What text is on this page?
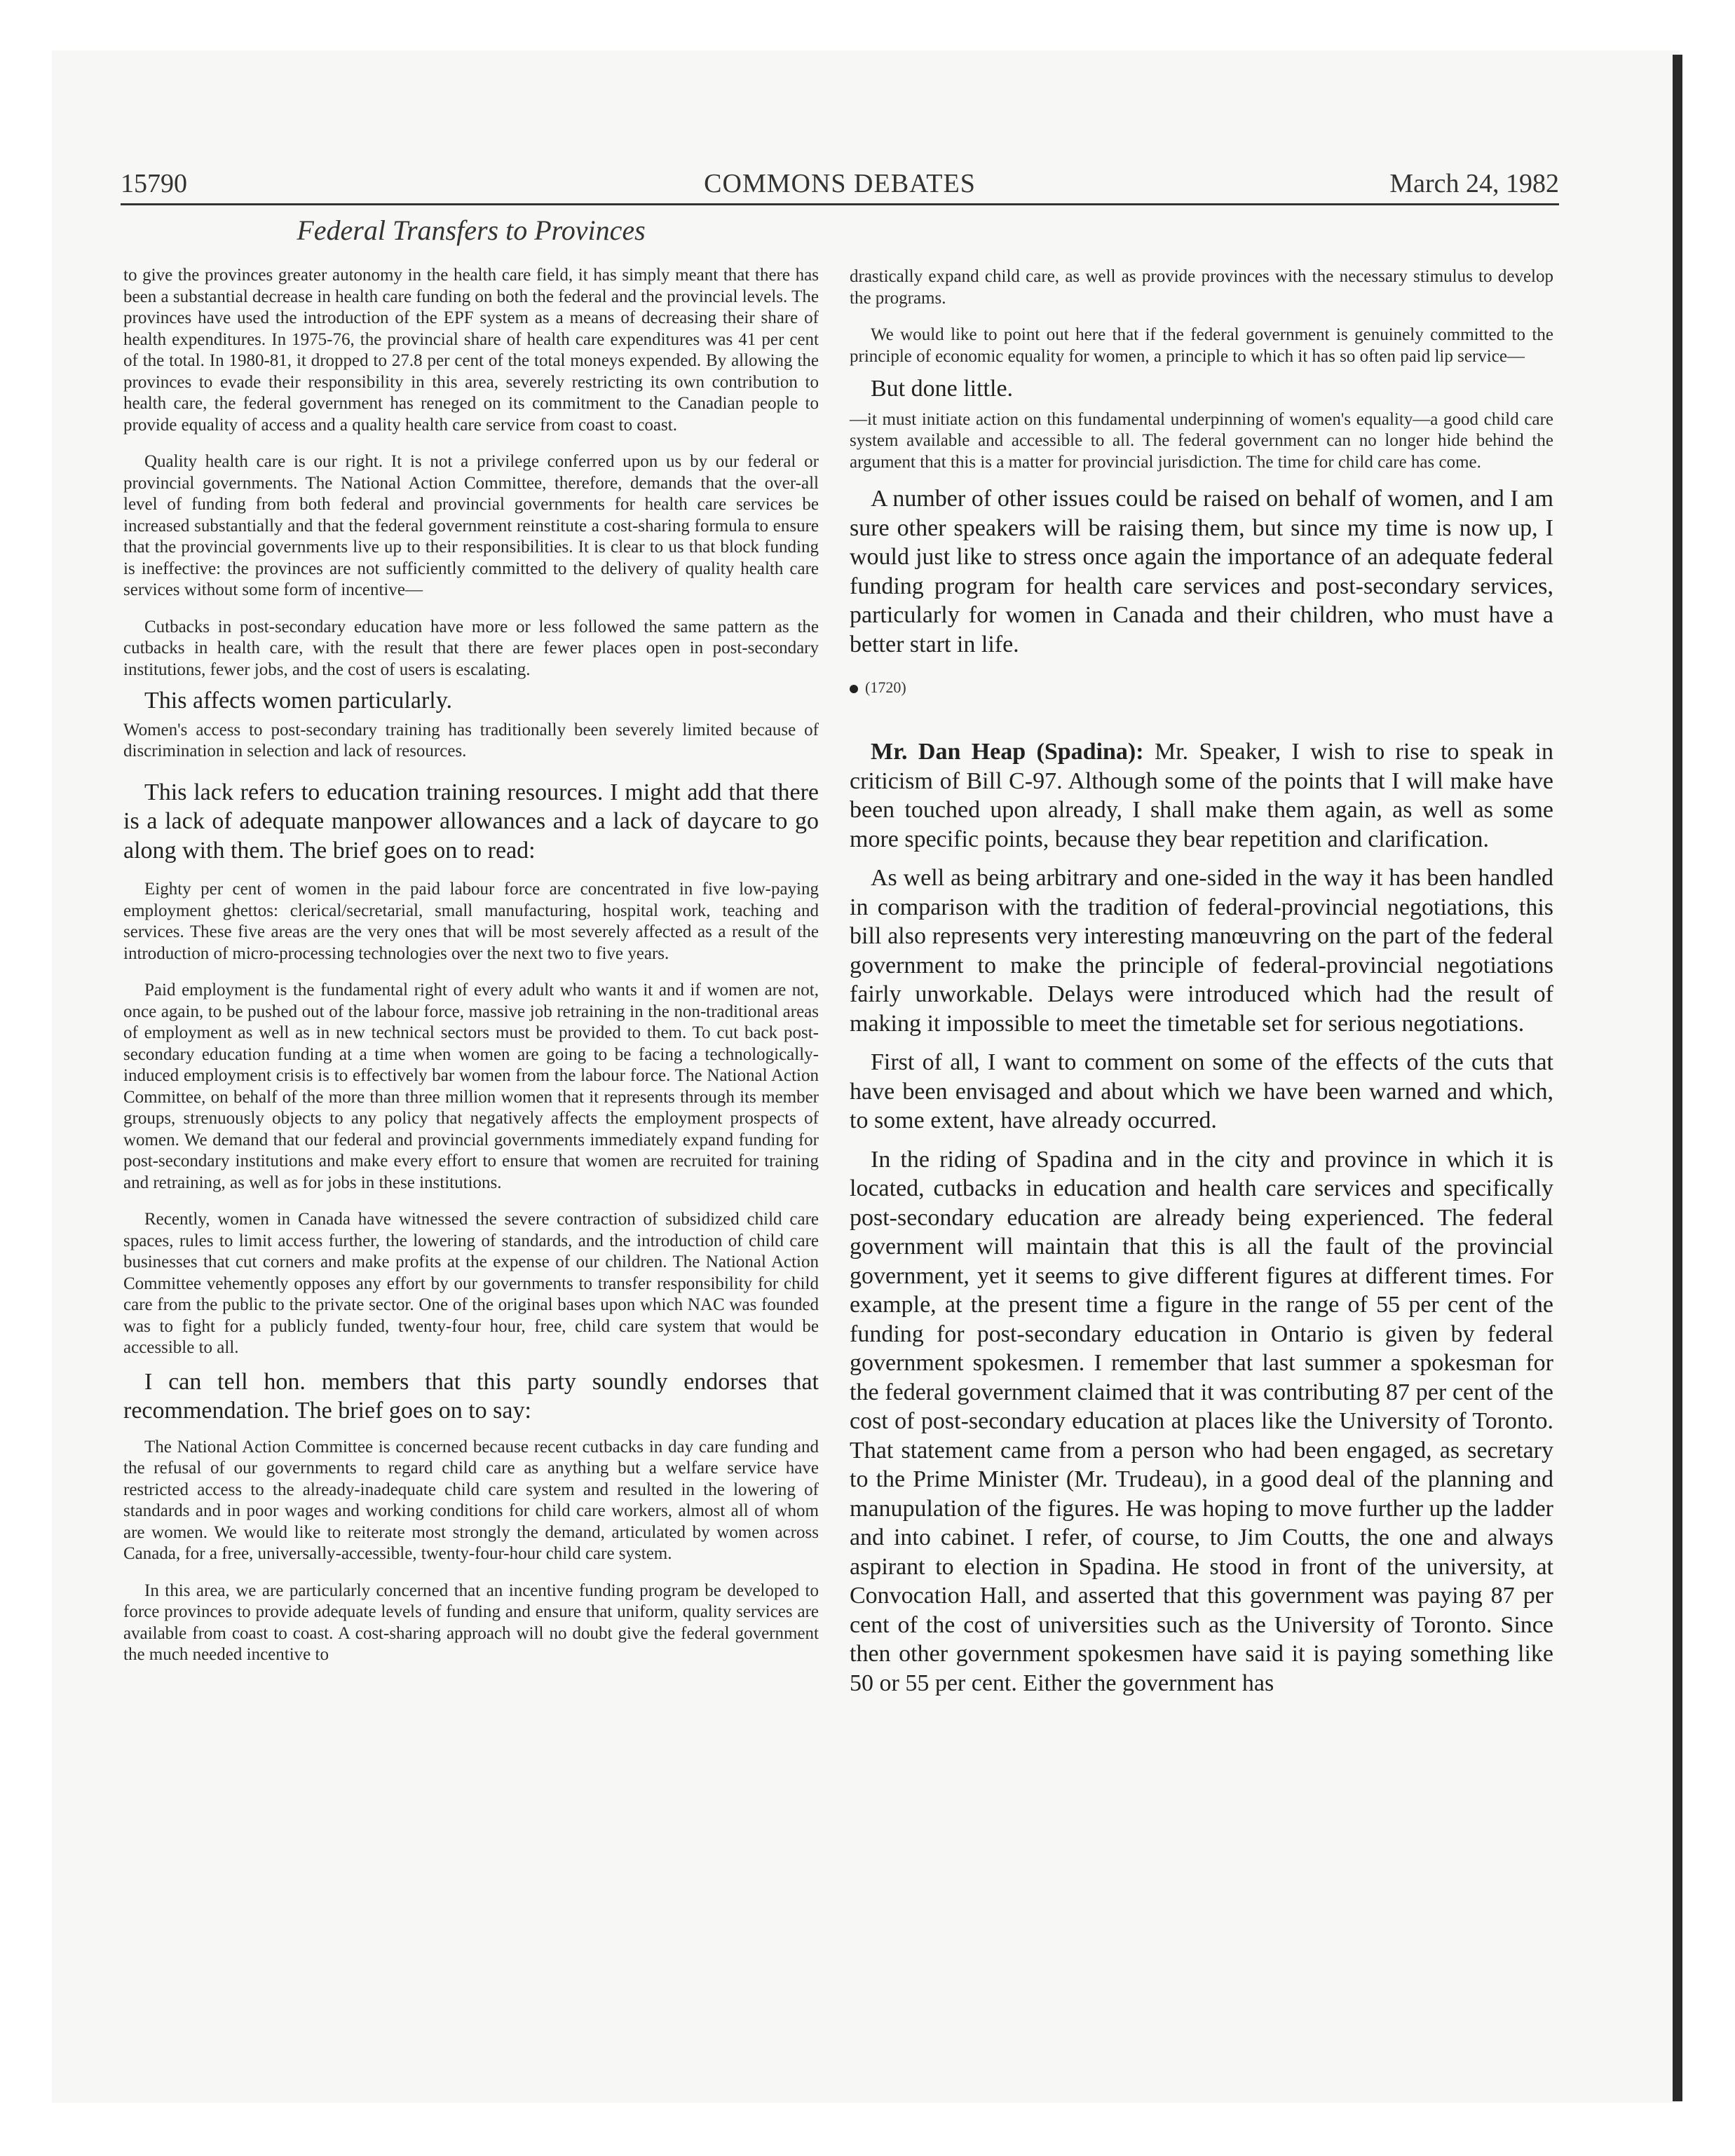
15790	COMMONS DEBATES	March 24, 1982
Federal Transfers to Provinces

to give the provinces greater autonomy in the health care field, it has simply meant that there has been a substantial decrease in health care funding on both the federal and the provincial levels. The provinces have used the introduction of the EPF system as a means of decreasing their share of health expenditures. In 1975-76, the provincial share of health care expenditures was 41 per cent of the total. In 1980-81, it dropped to 27.8 per cent of the total moneys expended. By allowing the provinces to evade their responsibility in this area, severely restricting its own contribution to health care, the federal government has reneged on its commitment to the Canadian people to provide equality of access and a quality health care service from coast to coast.

Quality health care is our right. It is not a privilege conferred upon us by our federal or provincial governments. The National Action Committee, therefore, demands that the over-all level of funding from both federal and provincial governments for health care services be increased substantially and that the federal government reinstitute a cost-sharing formula to ensure that the provincial governments live up to their responsibilities. It is clear to us that block funding is ineffective: the provinces are not sufficiently committed to the delivery of quality health care services without some form of incentive—

Cutbacks in post-secondary education have more or less followed the same pattern as the cutbacks in health care, with the result that there are fewer places open in post-secondary institutions, fewer jobs, and the cost of users is escalating.

This affects women particularly.

Women's access to post-secondary training has traditionally been severely limited because of discrimination in selection and lack of resources.

This lack refers to education training resources. I might add that there is a lack of adequate manpower allowances and a lack of daycare to go along with them. The brief goes on to read:

Eighty per cent of women in the paid labour force are concentrated in five low-paying employment ghettos: clerical/secretarial, small manufacturing, hospital work, teaching and services. These five areas are the very ones that will be most severely affected as a result of the introduction of micro-processing technologies over the next two to five years.

Paid employment is the fundamental right of every adult who wants it and if women are not, once again, to be pushed out of the labour force, massive job retraining in the non-traditional areas of employment as well as in new technical sectors must be provided to them. To cut back post-secondary education funding at a time when women are going to be facing a technologically-induced employment crisis is to effectively bar women from the labour force. The National Action Committee, on behalf of the more than three million women that it represents through its member groups, strenuously objects to any policy that negatively affects the employment prospects of women. We demand that our federal and provincial governments immediately expand funding for post-secondary institutions and make every effort to ensure that women are recruited for training and retraining, as well as for jobs in these institutions.

Recently, women in Canada have witnessed the severe contraction of subsidized child care spaces, rules to limit access further, the lowering of standards, and the introduction of child care businesses that cut corners and make profits at the expense of our children. The National Action Committee vehemently opposes any effort by our governments to transfer responsibility for child care from the public to the private sector. One of the original bases upon which NAC was founded was to fight for a publicly funded, twenty-four hour, free, child care system that would be accessible to all.

I can tell hon. members that this party soundly endorses that recommendation. The brief goes on to say:

The National Action Committee is concerned because recent cutbacks in day care funding and the refusal of our governments to regard child care as anything but a welfare service have restricted access to the already-inadequate child care system and resulted in the lowering of standards and in poor wages and working conditions for child care workers, almost all of whom are women. We would like to reiterate most strongly the demand, articulated by women across Canada, for a free, universally-accessible, twenty-four-hour child care system.

In this area, we are particularly concerned that an incentive funding program be developed to force provinces to provide adequate levels of funding and ensure that uniform, quality services are available from coast to coast. A cost-sharing approach will no doubt give the federal government the much needed incentive to

drastically expand child care, as well as provide provinces with the necessary stimulus to develop the programs.

We would like to point out here that if the federal government is genuinely committed to the principle of economic equality for women, a principle to which it has so often paid lip service—

But done little.

—it must initiate action on this fundamental underpinning of women's equality—a good child care system available and accessible to all. The federal government can no longer hide behind the argument that this is a matter for provincial jurisdiction. The time for child care has come.

A number of other issues could be raised on behalf of women, and I am sure other speakers will be raising them, but since my time is now up, I would just like to stress once again the importance of an adequate federal funding program for health care services and post-secondary services, particularly for women in Canada and their children, who must have a better start in life.

(1720)

Mr. Dan Heap (Spadina): Mr. Speaker, I wish to rise to speak in criticism of Bill C-97. Although some of the points that I will make have been touched upon already, I shall make them again, as well as some more specific points, because they bear repetition and clarification.

As well as being arbitrary and one-sided in the way it has been handled in comparison with the tradition of federal-provincial negotiations, this bill also represents very interesting manœuvring on the part of the federal government to make the principle of federal-provincial negotiations fairly unworkable. Delays were introduced which had the result of making it impossible to meet the timetable set for serious negotiations.

First of all, I want to comment on some of the effects of the cuts that have been envisaged and about which we have been warned and which, to some extent, have already occurred.

In the riding of Spadina and in the city and province in which it is located, cutbacks in education and health care services and specifically post-secondary education are already being experienced. The federal government will maintain that this is all the fault of the provincial government, yet it seems to give different figures at different times. For example, at the present time a figure in the range of 55 per cent of the funding for post-secondary education in Ontario is given by federal government spokesmen. I remember that last summer a spokesman for the federal government claimed that it was contributing 87 per cent of the cost of post-secondary education at places like the University of Toronto. That statement came from a person who had been engaged, as secretary to the Prime Minister (Mr. Trudeau), in a good deal of the planning and manupulation of the figures. He was hoping to move further up the ladder and into cabinet. I refer, of course, to Jim Coutts, the one and always aspirant to election in Spadina. He stood in front of the university, at Convocation Hall, and asserted that this government was paying 87 per cent of the cost of universities such as the University of Toronto. Since then other government spokesmen have said it is paying something like 50 or 55 per cent. Either the government has
